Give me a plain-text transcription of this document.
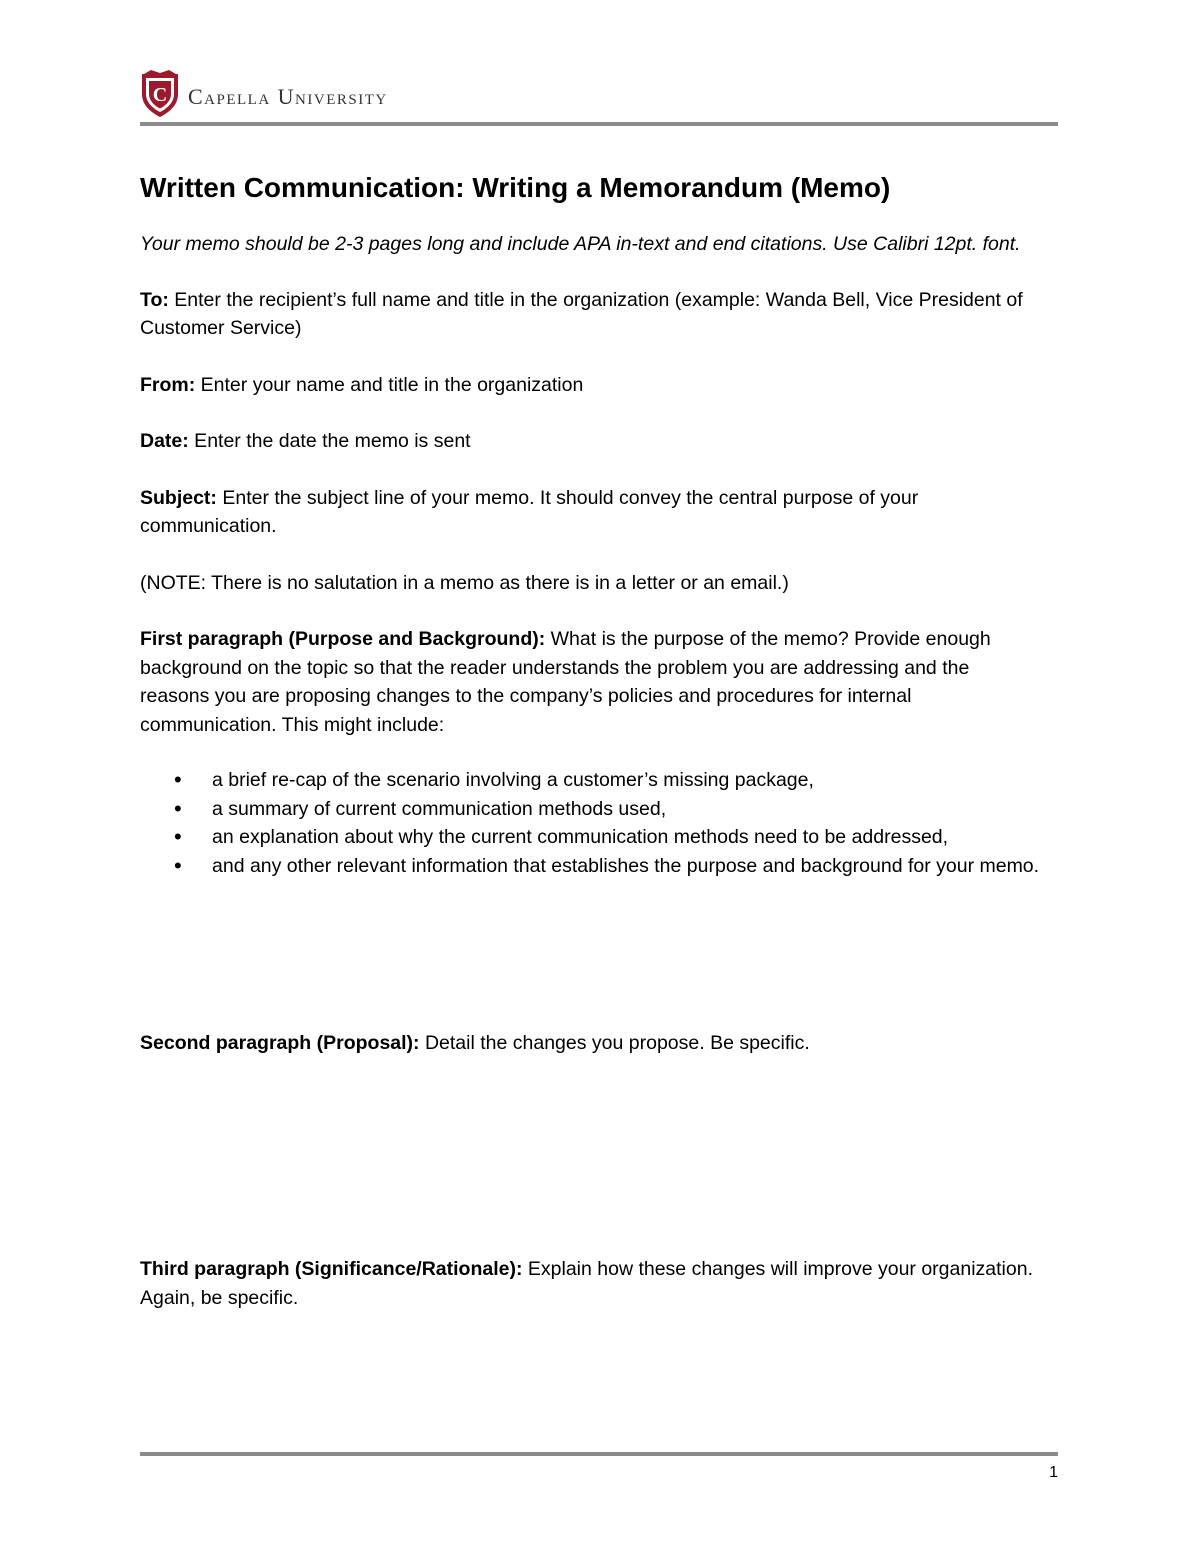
C Capella University
Written Communication: Writing a Memorandum (Memo)

Your memo should be 2-3 pages long and include APA in-text and end citations. Use Calibri 12pt. font.

To: Enter the recipient’s full name and title in the organization (example: Wanda Bell, Vice President of Customer Service)

From: Enter your name and title in the organization

Date: Enter the date the memo is sent

Subject: Enter the subject line of your memo. It should convey the central purpose of your communication.

(NOTE: There is no salutation in a memo as there is in a letter or an email.)

First paragraph (Purpose and Background): What is the purpose of the memo? Provide enough background on the topic so that the reader understands the problem you are addressing and the reasons you are proposing changes to the company’s policies and procedures for internal communication. This might include:

• a brief re-cap of the scenario involving a customer’s missing package,
• a summary of current communication methods used,
• an explanation about why the current communication methods need to be addressed,
• and any other relevant information that establishes the purpose and background for your memo.

Second paragraph (Proposal): Detail the changes you propose. Be specific.

Third paragraph (Significance/Rationale): Explain how these changes will improve your organization. Again, be specific.

1
